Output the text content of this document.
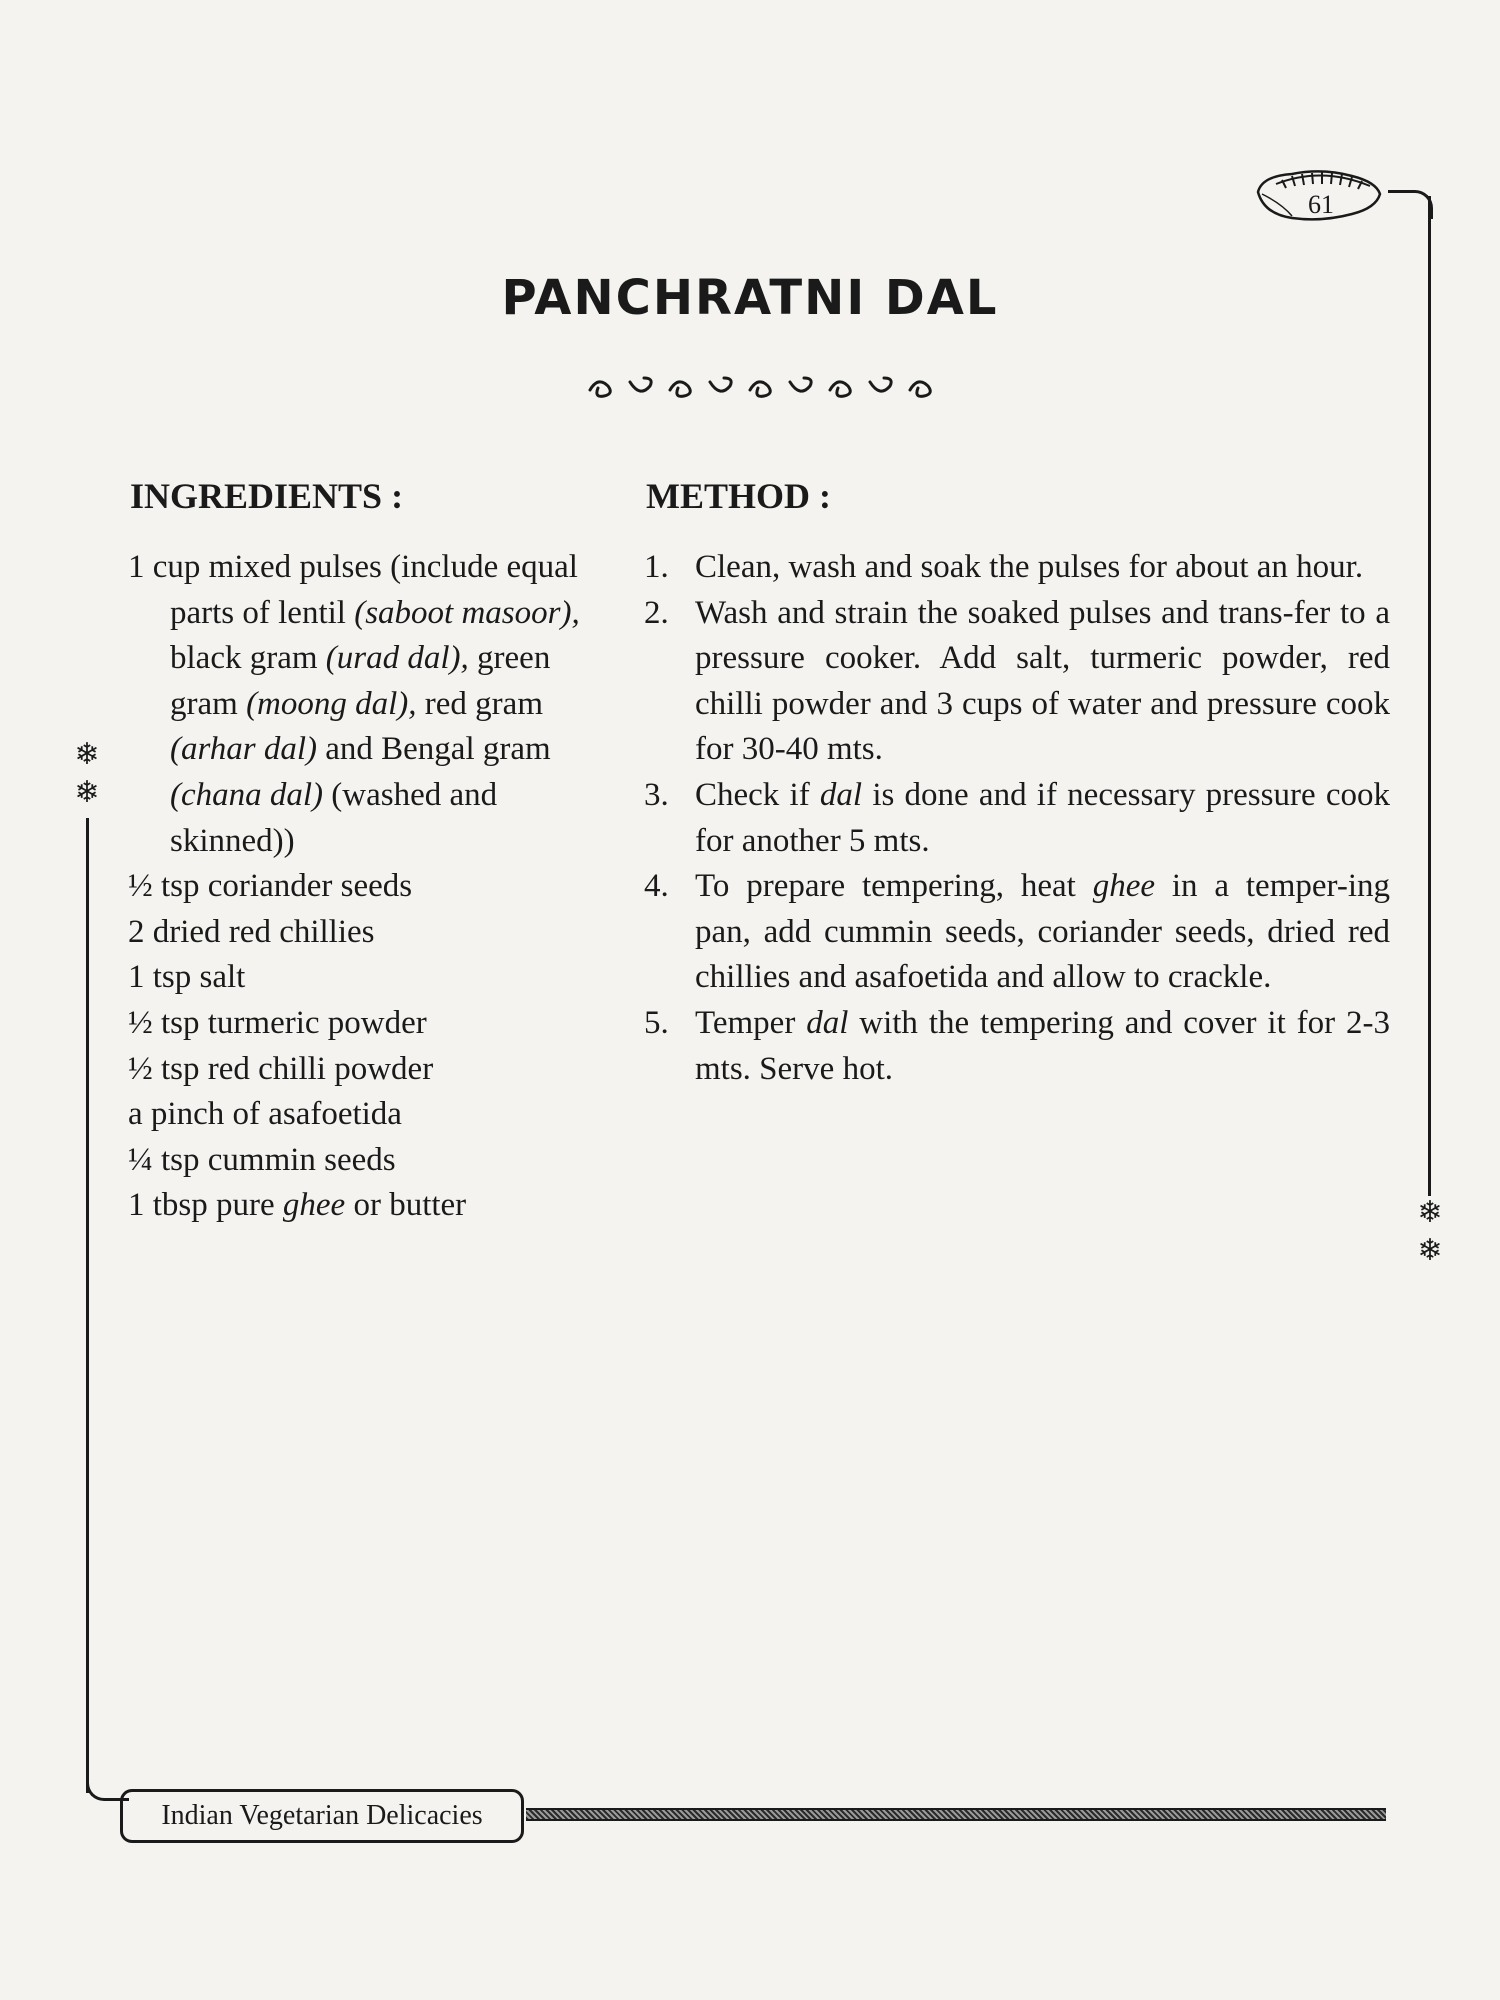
❄
❄
❄
❄
61
PANCHRATNI DAL
INGREDIENTS :	METHOD :
1 cup mixed pulses (include equal parts of lentil (saboot masoor), black gram (urad dal), green gram (moong dal), red gram (arhar dal) and Bengal gram (chana dal) (washed and skinned))
½ tsp coriander seeds
2 dried red chillies
1 tsp salt
½ tsp turmeric powder
½ tsp red chilli powder
a pinch of asafoetida
¼ tsp cummin seeds
1 tbsp pure ghee or butter
1. Clean, wash and soak the pulses for about an hour.
2. Wash and strain the soaked pulses and trans-fer to a pressure cooker. Add salt, turmeric powder, red chilli powder and 3 cups of water and pressure cook for 30-40 mts.
3. Check if dal is done and if necessary pressure cook for another 5 mts.
4. To prepare tempering, heat ghee in a temper-ing pan, add cummin seeds, coriander seeds, dried red chillies and asafoetida and allow to crackle.
5. Temper dal with the tempering and cover it for 2-3 mts. Serve hot.
Indian Vegetarian Delicacies
